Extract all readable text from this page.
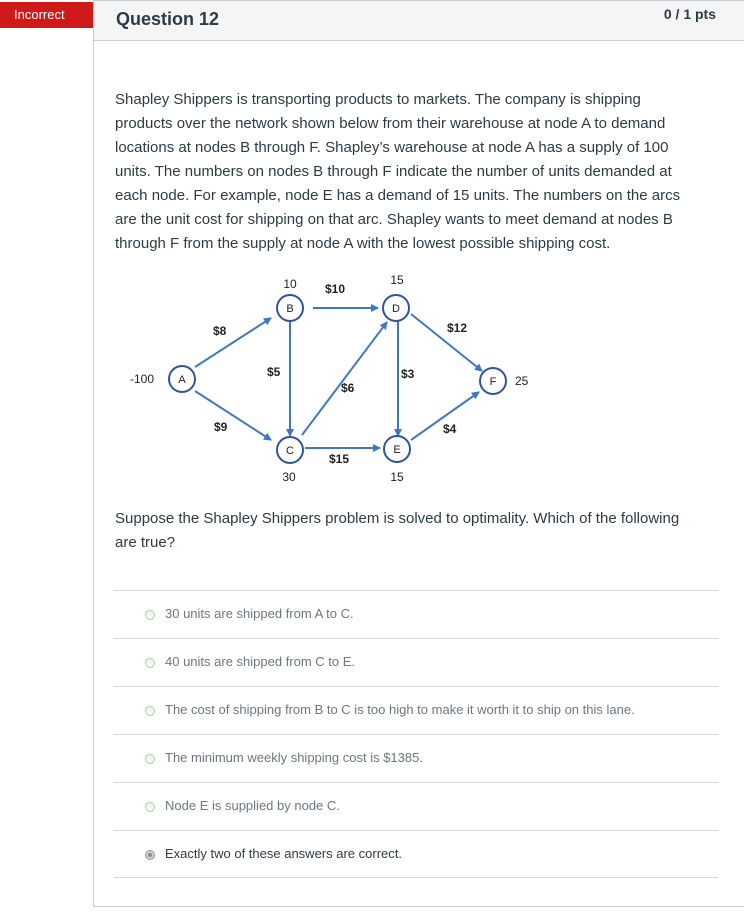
Incorrect	Question 12	0 / 1 pts
Shapley Shippers is transporting products to markets. The company is shipping
products over the network shown below from their warehouse at node A to demand
locations at nodes B through F. Shapley’s warehouse at node A has a supply of 100
units. The numbers on nodes B through F indicate the number of units demanded at
each node. For example, node E has a demand of 15 units. The numbers on the arcs
are the unit cost for shipping on that arc. Shapley wants to meet demand at nodes B
through F from the supply at node A with the lowest possible shipping cost.
$8
$9
$10
$5
$6
$3
$15
$12
$4
A
B
C
D
E
F
-100
10
30
15
15
25
Suppose the Shapley Shippers problem is solved to optimality. Which of the following
are true?
30 units are shipped from A to C.
40 units are shipped from C to E.
The cost of shipping from B to C is too high to make it worth it to ship on this lane.
The minimum weekly shipping cost is $1385.
Node E is supplied by node C.
Exactly two of these answers are correct.
